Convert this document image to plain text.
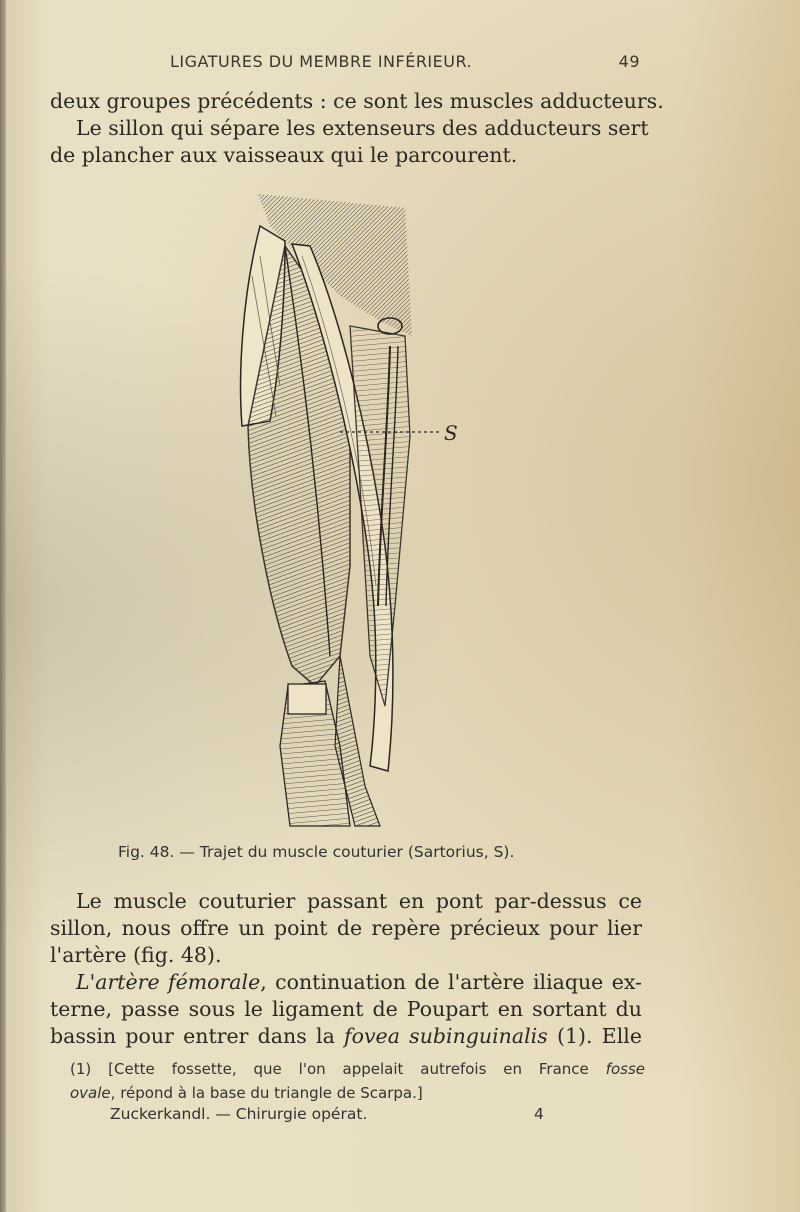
LIGATURES DU MEMBRE INFÉRIEUR.	49
deux groupes précédents : ce sont les muscles adducteurs.
Le sillon qui sépare les extenseurs des adducteurs sert
de plancher aux vaisseaux qui le parcourent.
S
Fig. 48. — Trajet du muscle couturier (Sartorius, S).
Le muscle couturier passant en pont par-dessus ce
sillon, nous offre un point de repère précieux pour lier
l'artère (fig. 48).
L'artère fémorale, continuation de l'artère iliaque ex-
terne, passe sous le ligament de Poupart en sortant du
bassin pour entrer dans la fovea subinguinalis (1). Elle
(1) [Cette fossette, que l'on appelait autrefois en France fosse
ovale, répond à la base du triangle de Scarpa.]
Zuckerkandl. — Chirurgie opérat.	4
